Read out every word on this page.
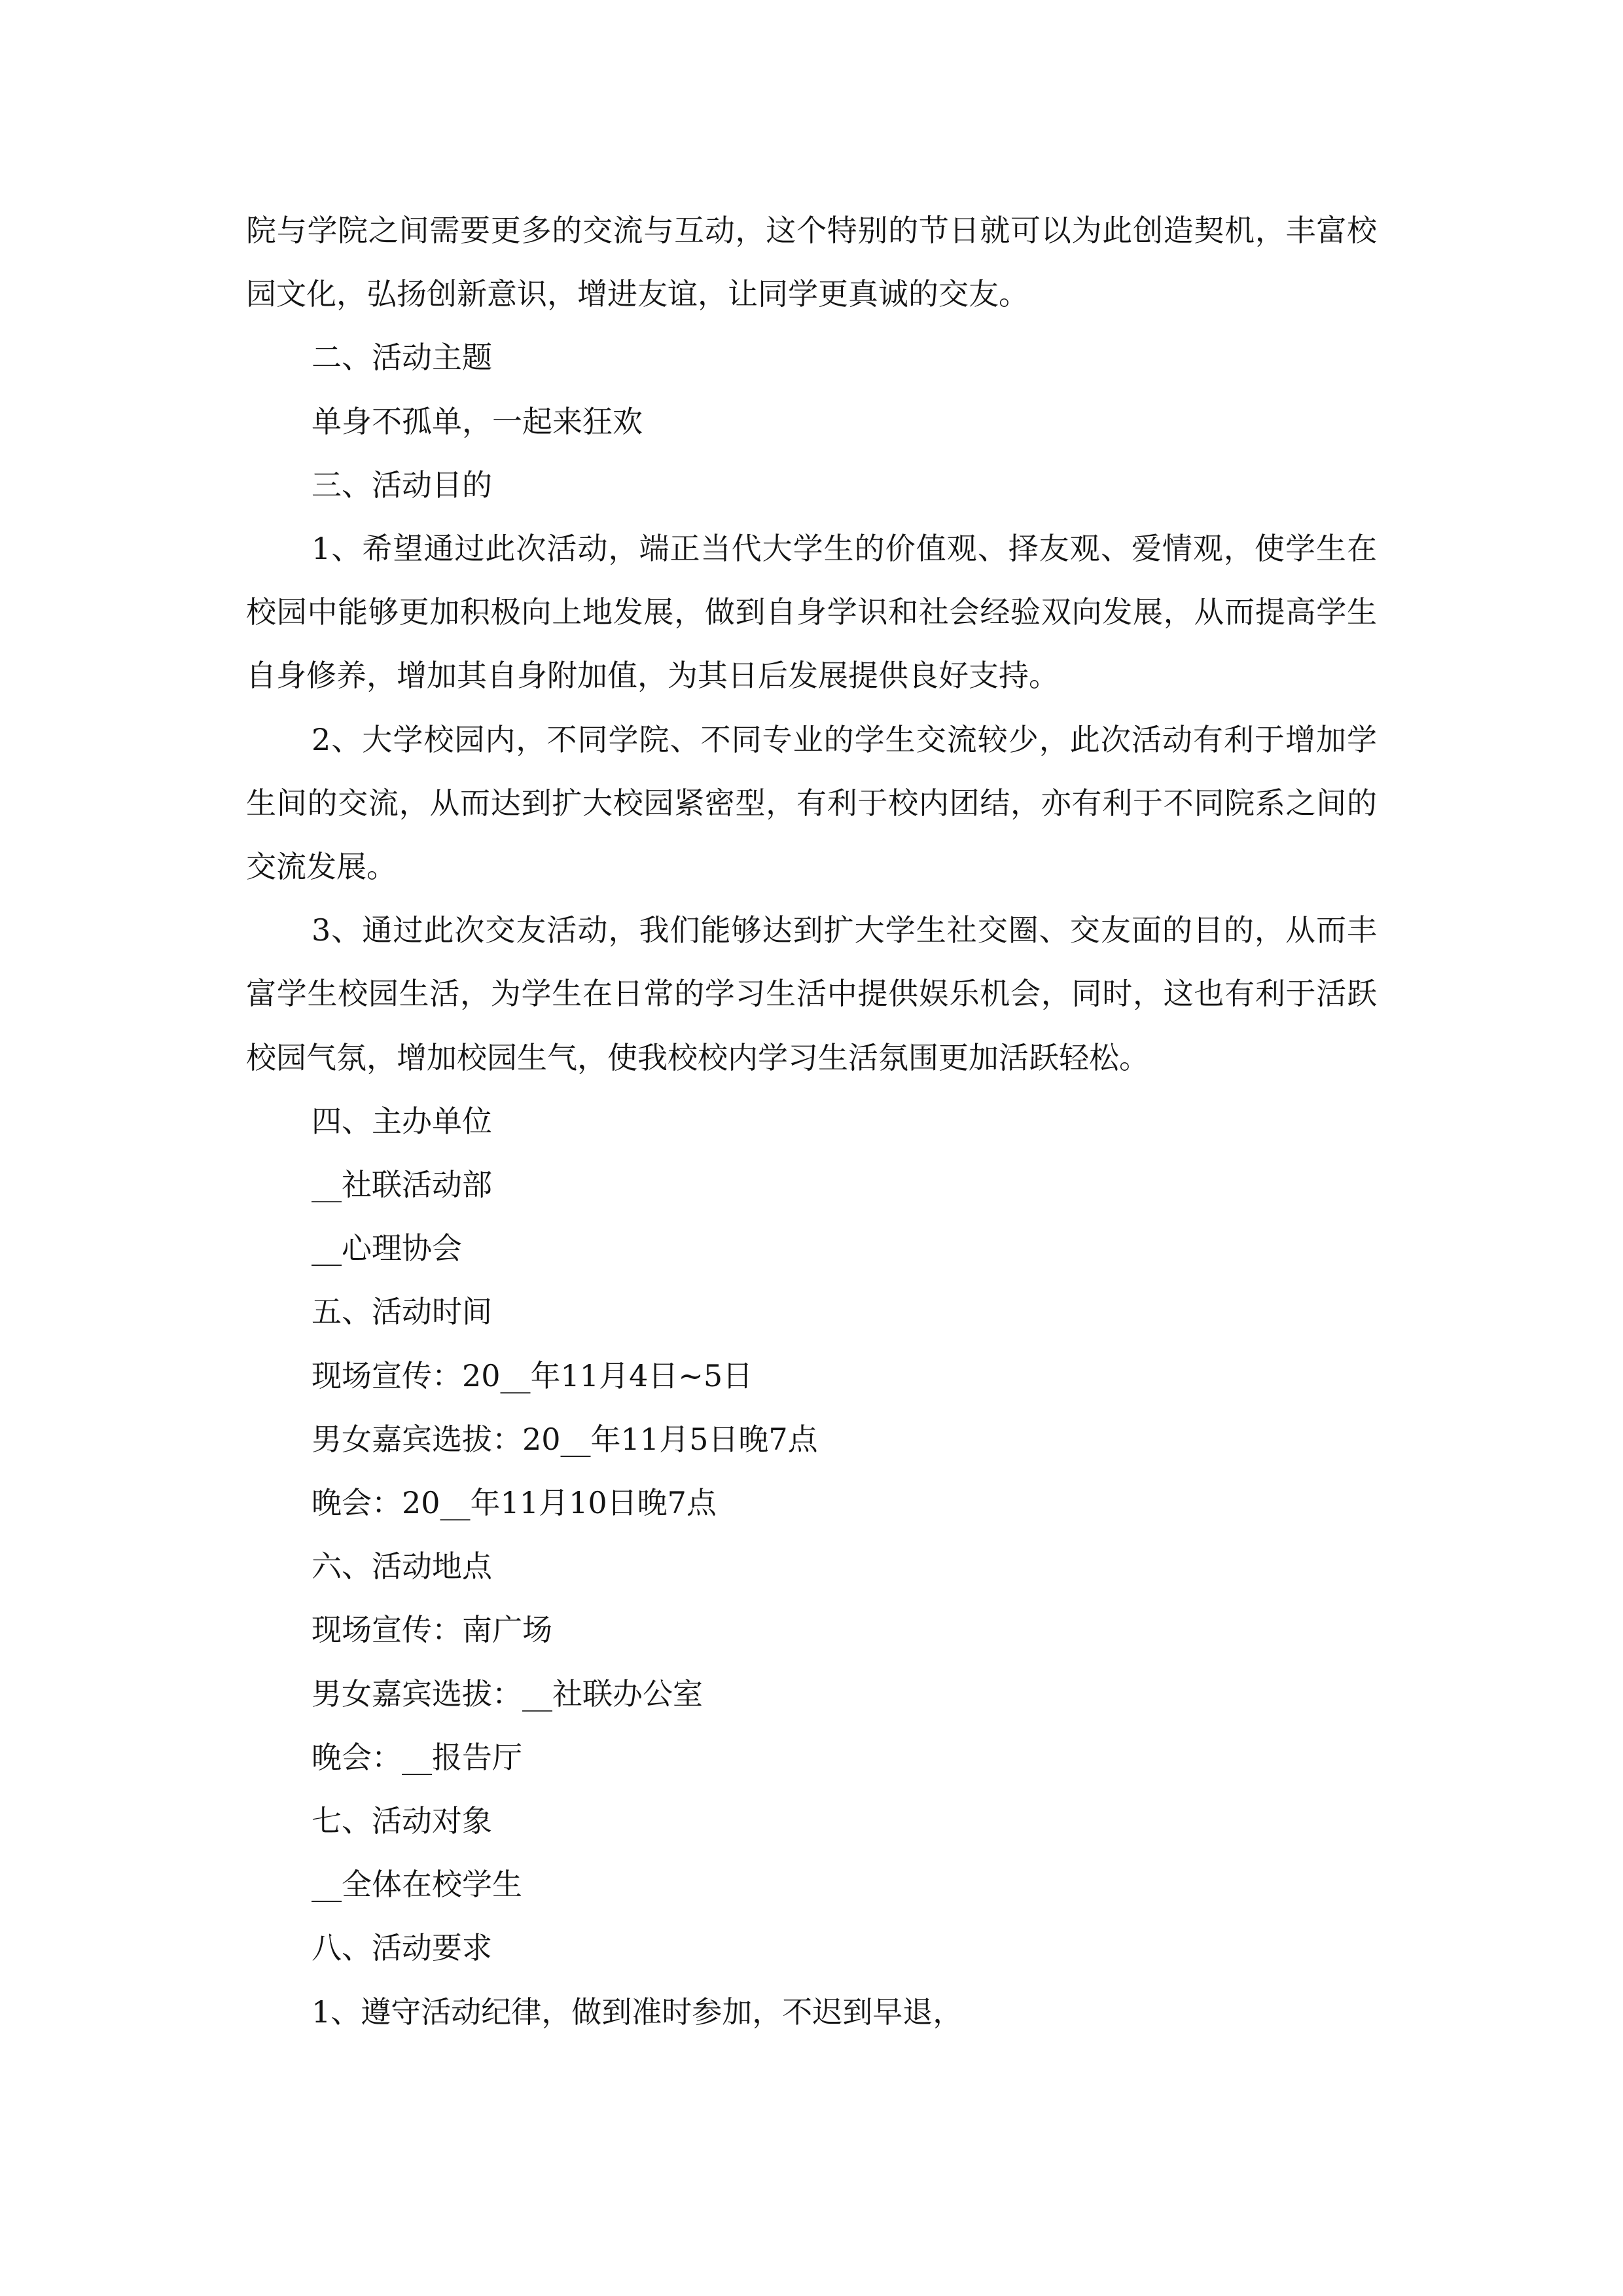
院与学院之间需要更多的交流与互动，这个特别的节日就可以为此创造契机，丰富校园文化，弘扬创新意识，增进友谊，让同学更真诚的交友。

二、活动主题

单身不孤单，一起来狂欢

三、活动目的

1、希望通过此次活动，端正当代大学生的价值观、择友观、爱情观，使学生在校园中能够更加积极向上地发展，做到自身学识和社会经验双向发展，从而提高学生自身修养，增加其自身附加值，为其日后发展提供良好支持。

2、大学校园内，不同学院、不同专业的学生交流较少，此次活动有利于增加学生间的交流，从而达到扩大校园紧密型，有利于校内团结，亦有利于不同院系之间的交流发展。

3、通过此次交友活动，我们能够达到扩大学生社交圈、交友面的目的，从而丰富学生校园生活，为学生在日常的学习生活中提供娱乐机会，同时，这也有利于活跃校园气氛，增加校园生气，使我校校内学习生活氛围更加活跃轻松。

四、主办单位

__社联活动部

__心理协会

五、活动时间

现场宣传：20__年11月4日~5日

男女嘉宾选拔：20__年11月5日晚7点

晚会：20__年11月10日晚7点

六、活动地点

现场宣传：南广场

男女嘉宾选拔：__社联办公室

晚会：__报告厅

七、活动对象

__全体在校学生

八、活动要求

1、遵守活动纪律，做到准时参加，不迟到早退，
